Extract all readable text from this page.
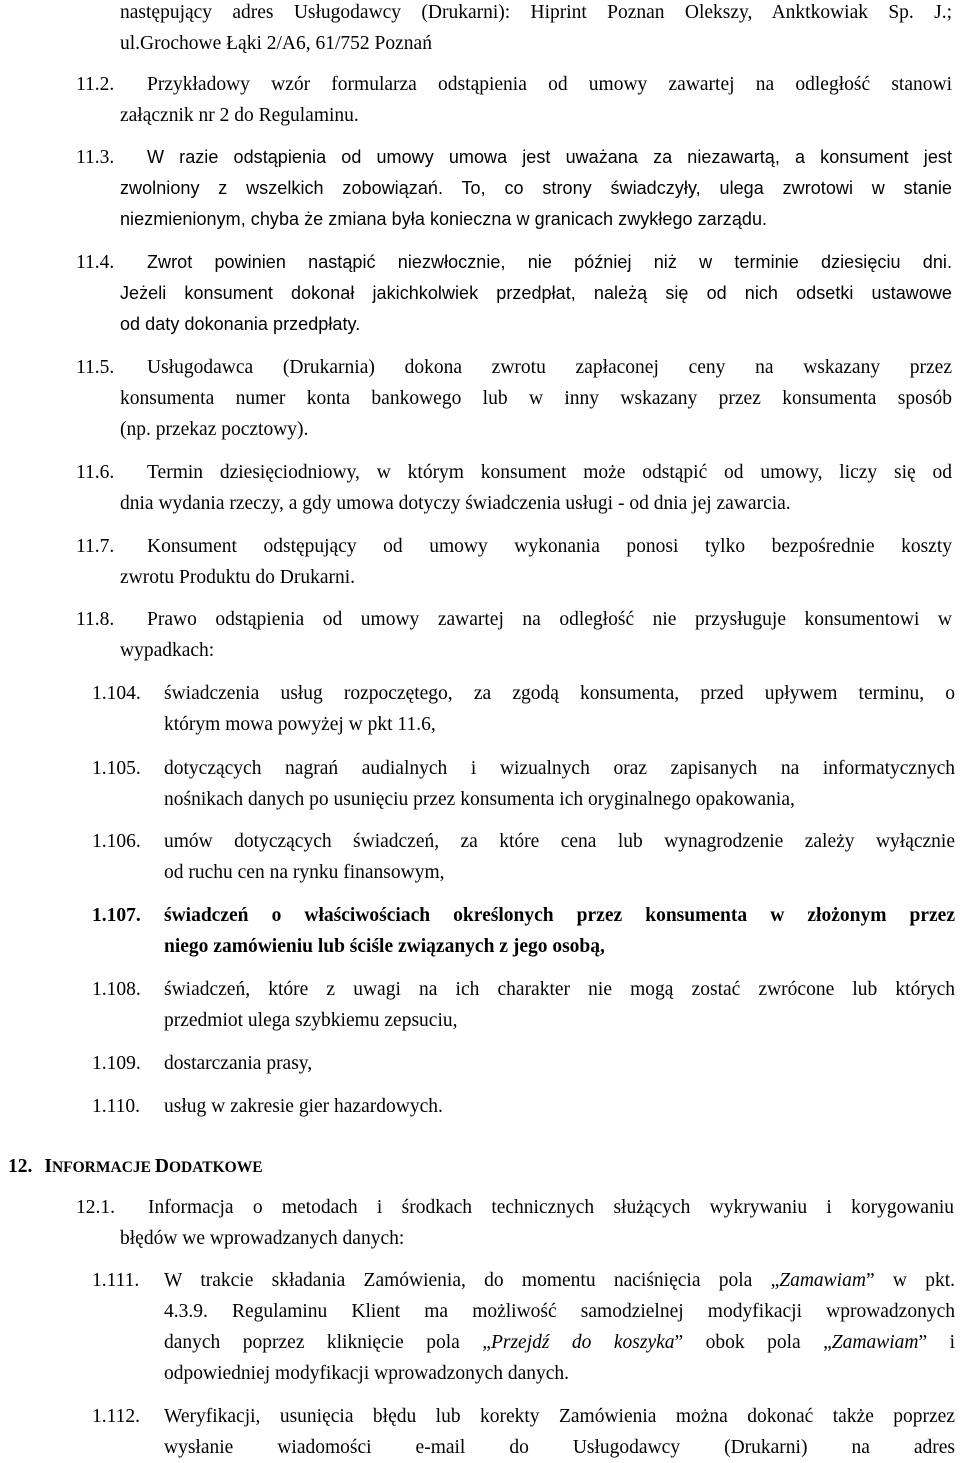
następujący adres Usługodawcy (Drukarni): Hiprint Poznan Olekszy, Anktkowiak Sp. J.;
ul.Grochowe Łąki 2/A6, 61/752 Poznań
11.2.	Przykładowy wzór formularza odstąpienia od umowy zawartej na odległość stanowi
załącznik nr 2 do Regulaminu.
11.3.	W razie odstąpienia od umowy umowa jest uważana za niezawartą, a konsument jest
zwolniony z wszelkich zobowiązań. To, co strony świadczyły, ulega zwrotowi w stanie
niezmienionym, chyba że zmiana była konieczna w granicach zwykłego zarządu.
11.4.	Zwrot powinien nastąpić niezwłocznie, nie później niż w terminie dziesięciu dni.
Jeżeli konsument dokonał jakichkolwiek przedpłat, należą się od nich odsetki ustawowe
od daty dokonania przedpłaty.
11.5.	Usługodawca (Drukarnia) dokona zwrotu zapłaconej ceny na wskazany przez
konsumenta numer konta bankowego lub w inny wskazany przez konsumenta sposób
(np. przekaz pocztowy).
11.6.	Termin dziesięciodniowy, w którym konsument może odstąpić od umowy, liczy się od
dnia wydania rzeczy, a gdy umowa dotyczy świadczenia usługi - od dnia jej zawarcia.
11.7.	Konsument odstępujący od umowy wykonania ponosi tylko bezpośrednie koszty
zwrotu Produktu do Drukarni.
11.8.	Prawo odstąpienia od umowy zawartej na odległość nie przysługuje konsumentowi w
wypadkach:
1.104. świadczenia usług rozpoczętego, za zgodą konsumenta, przed upływem terminu, o
którym mowa powyżej w pkt 11.6,
1.105. dotyczących nagrań audialnych i wizualnych oraz zapisanych na informatycznych
nośnikach danych po usunięciu przez konsumenta ich oryginalnego opakowania,
1.106. umów dotyczących świadczeń, za które cena lub wynagrodzenie zależy wyłącznie
od ruchu cen na rynku finansowym,
1.107. świadczeń o właściwościach określonych przez konsumenta w złożonym przez
niego zamówieniu lub ściśle związanych z jego osobą,
1.108. świadczeń, które z uwagi na ich charakter nie mogą zostać zwrócone lub których
przedmiot ulega szybkiemu zepsuciu,
1.109. dostarczania prasy,
1.110. usług w zakresie gier hazardowych.
12. INFORMACJE DODATKOWE
12.1.	Informacja o metodach i środkach technicznych służących wykrywaniu i korygowaniu
błędów we wprowadzanych danych:
1.111. W trakcie składania Zamówienia, do momentu naciśnięcia pola „Zamawiam” w pkt.
4.3.9. Regulaminu Klient ma możliwość samodzielnej modyfikacji wprowadzonych
danych poprzez kliknięcie pola „Przejdź do koszyka” obok pola „Zamawiam” i
odpowiedniej modyfikacji wprowadzonych danych.
1.112. Weryfikacji, usunięcia błędu lub korekty Zamówienia można dokonać także poprzez
wysłanie wiadomości e-mail do Usługodawcy (Drukarni) na adres
